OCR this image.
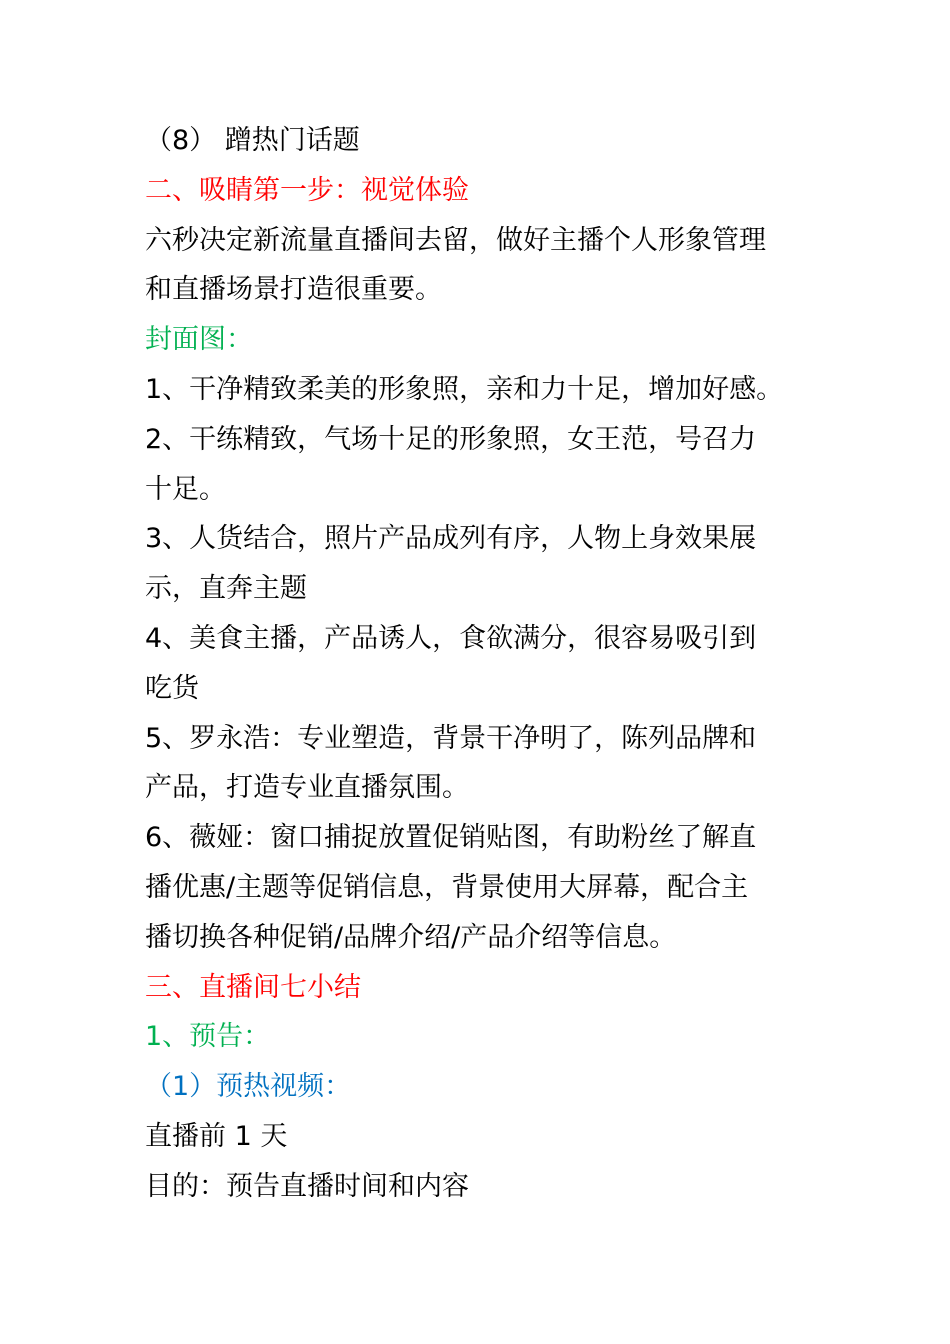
（8） 蹭热门话题
二、吸睛第一步：视觉体验
六秒决定新流量直播间去留，做好主播个人形象管理
和直播场景打造很重要。
封面图：
1、干净精致柔美的形象照，亲和力十足，增加好感。
2、干练精致，气场十足的形象照，女王范，号召力
十足。
3、人货结合，照片产品成列有序，人物上身效果展
示，直奔主题
4、美食主播，产品诱人，食欲满分，很容易吸引到
吃货
5、罗永浩：专业塑造，背景干净明了，陈列品牌和
产品，打造专业直播氛围。
6、薇娅：窗口捕捉放置促销贴图，有助粉丝了解直
播优惠/主题等促销信息，背景使用大屏幕，配合主
播切换各种促销/品牌介绍/产品介绍等信息。
三、直播间七小结
1、预告：
（1）预热视频：
直播前 1 天
目的：预告直播时间和内容
